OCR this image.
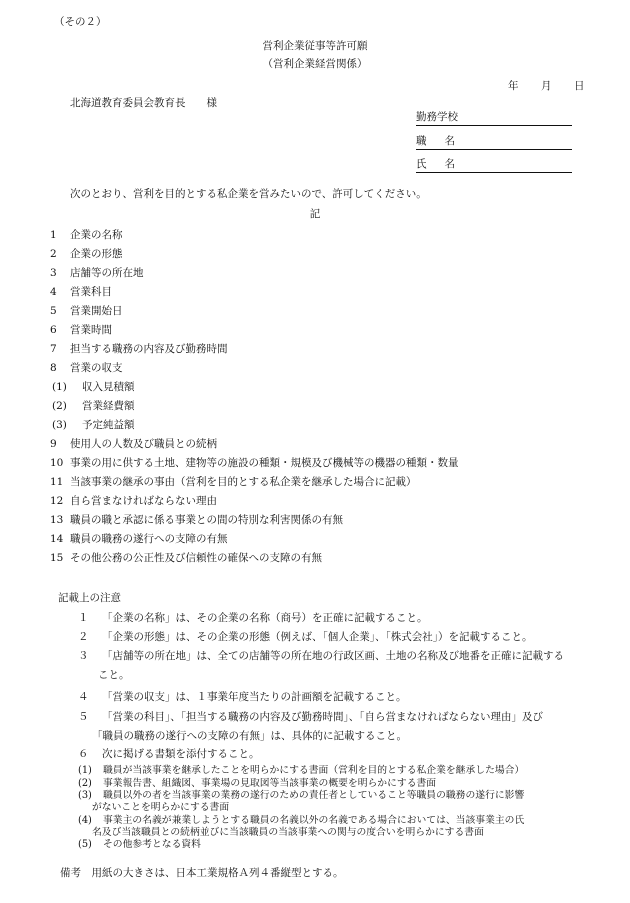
（その２）
営利企業従事等許可願
（営利企業経営関係）
年 月 日
北海道教育委員会教育長　　様
勤務学校
職 名
氏 名
次のとおり、営利を目的とする私企業を営みたいので、許可してください。
記
1 企業の名称
2 企業の形態
3 店舗等の所在地
4 営業科目
5 営業開始日
6 営業時間
7 担当する職務の内容及び勤務時間
8 営業の収支
(1) 収入見積額
(2) 営業経費額
(3) 予定純益額
9 使用人の人数及び職員との続柄
10 事業の用に供する土地、建物等の施設の種類・規模及び機械等の機器の種類・数量
11 当該事業の継承の事由（営利を目的とする私企業を継承した場合に記載）
12 自ら営まなければならない理由
13 職員の職と承認に係る事業との間の特別な利害関係の有無
14 職員の職務の遂行への支障の有無
15 その他公務の公正性及び信頼性の確保への支障の有無
記載上の注意
１ 「企業の名称」は、その企業の名称（商号）を正確に記載すること。
２ 「企業の形態」は、その企業の形態（例えば、「個人企業」、「株式会社」）を記載すること。
３ 「店舗等の所在地」は、全ての店舗等の所在地の行政区画、土地の名称及び地番を正確に記載する
こと。
４ 「営業の収支」は、１事業年度当たりの計画額を記載すること。
５ 「営業の科目」、「担当する職務の内容及び勤務時間」、「自ら営まなければならない理由」及び
「職員の職務の遂行への支障の有無」は、具体的に記載すること。
６ 次に掲げる書類を添付すること。
(1) 職員が当該事業を継承したことを明らかにする書面（営利を目的とする私企業を継承した場合）
(2) 事業報告書、組織図、事業場の見取図等当該事業の概要を明らかにする書面
(3) 職員以外の者を当該事業の業務の遂行のための責任者としていること等職員の職務の遂行に影響
がないことを明らかにする書面
(4) 事業主の名義が兼業しようとする職員の名義以外の名義である場合においては、当該事業主の氏
名及び当該職員との続柄並びに当該職員の当該事業への関与の度合いを明らかにする書面
(5) その他参考となる資料
備考　用紙の大きさは、日本工業規格Ａ列４番縦型とする。
